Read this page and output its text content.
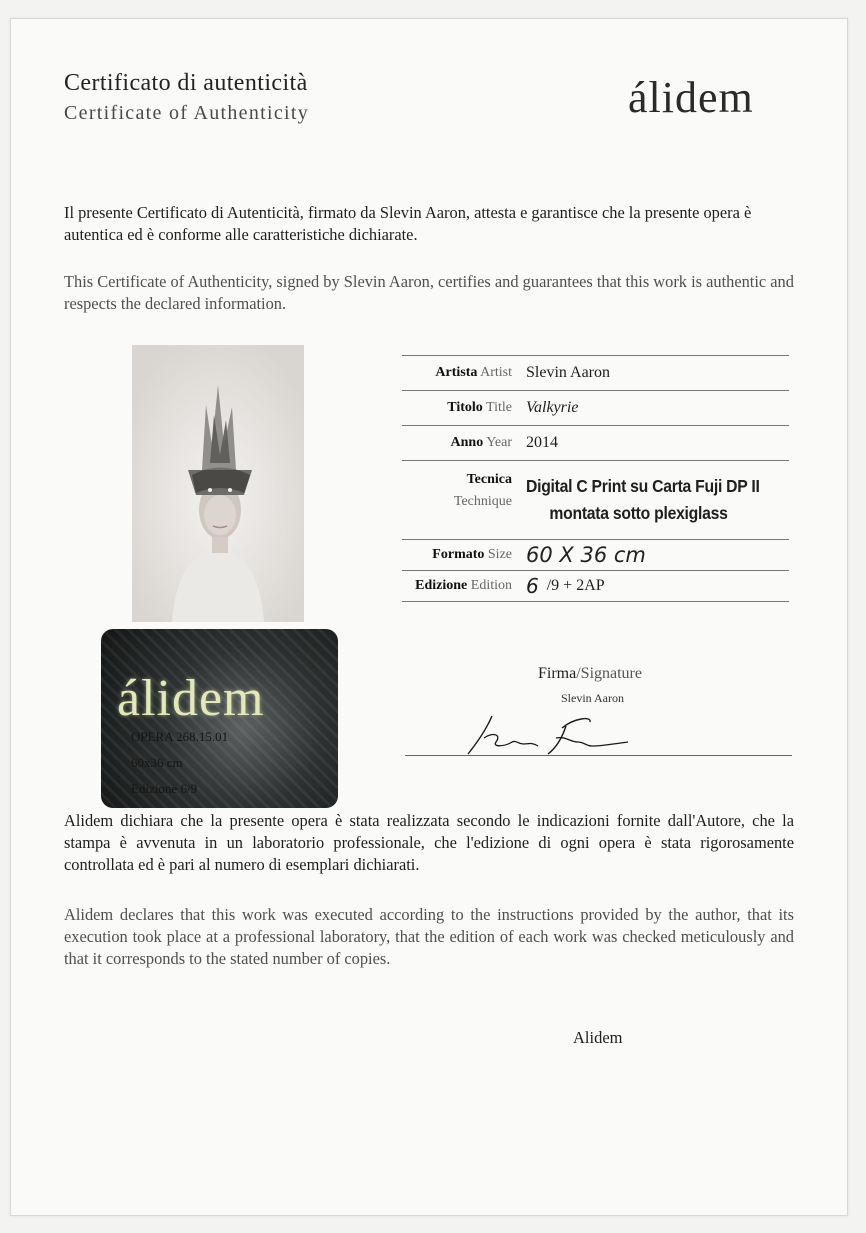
Certificato di autenticità
Certificate of Authenticity	álidem
Il presente Certificato di Autenticità, firmato da Slevin Aaron, attesta e garantisce che la presente opera è autentica ed è conforme alle caratteristiche dichiarate.
This Certificate of Authenticity, signed by Slevin Aaron, certifies and guarantees that this work is authentic and respects the declared information.
álidem
OPERA 268.15.01
60x36 cm
Edizione 6/9
Artista Artist Slevin Aaron
Titolo Title Valkyrie
Anno Year 2014
Tecnica
Technique
Digital C Print su Carta Fuji DP II
montata sotto plexiglass
Formato Size 60 X 36 cm
Edizione Edition 6 /9 + 2AP
Firma/Signature
Slevin Aaron
Alidem dichiara che la presente opera è stata realizzata secondo le indicazioni fornite dall'Autore, che la stampa è avvenuta in un laboratorio professionale, che l'edizione di ogni opera è stata rigorosamente controllata ed è pari al numero di esemplari dichiarati.
Alidem declares that this work was executed according to the instructions provided by the author, that its execution took place at a professional laboratory, that the edition of each work was checked meticulously and that it corresponds to the stated number of copies.
Alidem
